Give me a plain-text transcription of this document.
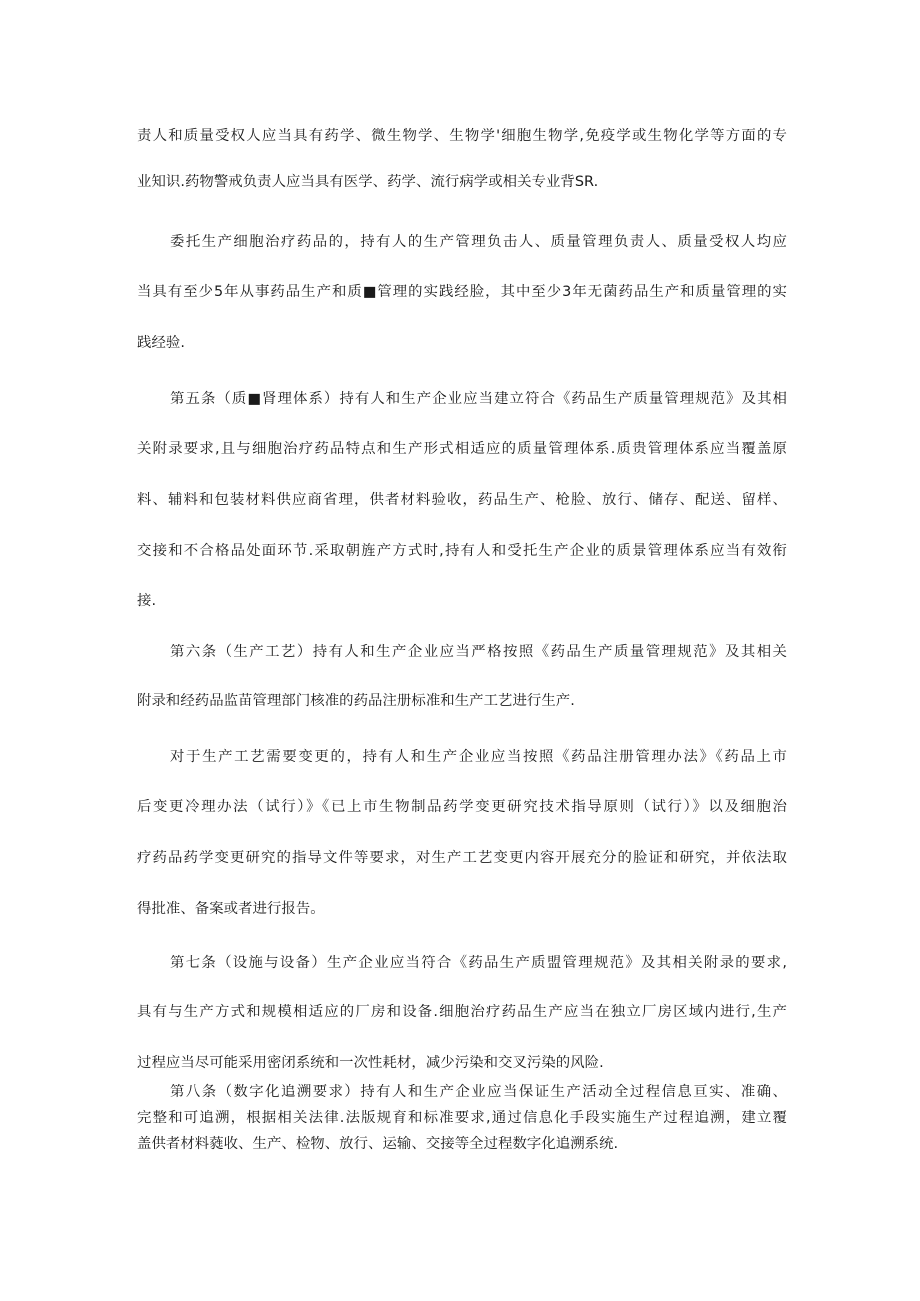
责人和质量受权人应当具有药学、微生物学、生物学'细胞生物学,免疫学或生物化学等方面的专
业知识.药物警戒负责人应当具有医学、药学、流行病学或相关专业背SR.
委托生产细胞治疗药品的，持有人的生产管理负击人、质量管理负责人、质量受权人均应
当具有至少5年从事药品生产和质■管理的实践经脸，其中至少3年无菌药品生产和质量管理的实
践经验.
第五条（质■肾理体系）持有人和生产企业应当建立符合《药品生产质量管理规范》及其相
关附录要求,且与细胞治疗药品特点和生产形式相适应的质量管理体系.质贵管理体系应当覆盖原
料、辅料和包装材料供应商省理，供者材料验收，药品生产、枪脸、放行、储存、配送、留样、
交接和不合格品处面环节.采取朝旌产方式时,持有人和受托生产企业的质景管理体系应当有效衔
接.
第六条（生产工艺）持有人和生产企业应当严格按照《药品生产质量管理规范》及其相关
附录和经药品监苗管理部门核准的药品注册标准和生产工艺进行生产.
对于生产工艺需要变更的，持有人和生产企业应当按照《药品注册管理办法》《药品上市
后变更冷理办法（试行）》《已上市生物制品药学变更研究技术指导原则（试行）》以及细胞治
疗药品药学变更研究的指导文件等要求，对生产工艺变更内容开展充分的脸证和研究，并依法取
得批准、备案或者进行报告。
第七条（设施与设备）生产企业应当符合《药品生产质盟管理规范》及其相关附录的要求,
具有与生产方式和规模相适应的厂房和设备.细胞治疗药品生产应当在独立厂房区域内进行,生产
过程应当尽可能采用密闭系统和一次性耗材，减少污染和交叉污染的风险.
第八条（数字化追溯要求）持有人和生产企业应当保证生产活动全过程信息亘实、准确、
完整和可追溯，根据相关法律.法版规育和标准要求,通过信息化手段实施生产过程追溯，建立覆
盖供者材料蕤收、生产、检物、放行、运输、交接等全过程数字化追溯系统.
